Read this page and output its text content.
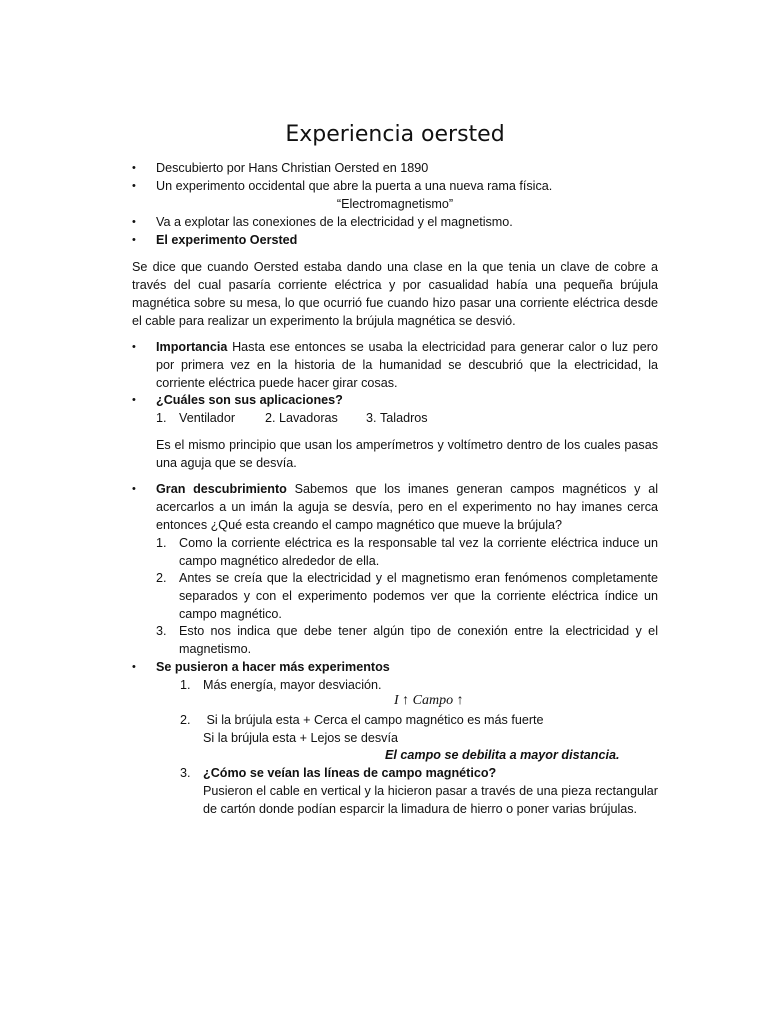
Experiencia oersted
•	Descubierto por Hans Christian Oersted en 1890
•	Un experimento occidental que abre la puerta a una nueva rama física.
“Electromagnetismo”
•	Va a explotar las conexiones de la electricidad y el magnetismo.
•	El experimento Oersted
Se dice que cuando Oersted estaba dando una clase en la que tenia un clave de cobre a través del cual pasaría corriente eléctrica y por casualidad había una pequeña brújula magnética sobre su mesa, lo que ocurrió fue cuando hizo pasar una corriente eléctrica desde el cable para realizar un experimento la brújula magnética se desvió.
•	Importancia Hasta ese entonces se usaba la electricidad para generar calor o luz pero por primera vez en la historia de la humanidad se descubrió que la electricidad, la corriente eléctrica puede hacer girar cosas.
•	¿Cuáles son sus aplicaciones?
1. Ventilador 2. Lavadoras 3. Taladros
Es el mismo principio que usan los amperímetros y voltímetro dentro de los cuales pasas una aguja que se desvía.
•	Gran descubrimiento Sabemos que los imanes generan campos magnéticos y al acercarlos a un imán la aguja se desvía, pero en el experimento no hay imanes cerca entonces ¿Qué esta creando el campo magnético que mueve la brújula?
1. Como la corriente eléctrica es la responsable tal vez la corriente eléctrica induce un campo magnético alrededor de ella.
2. Antes se creía que la electricidad y el magnetismo eran fenómenos completamente separados y con el experimento podemos ver que la corriente eléctrica índice un campo magnético.
3. Esto nos indica que debe tener algún tipo de conexión entre la electricidad y el magnetismo.
•	Se pusieron a hacer más experimentos
1. Más energía, mayor desviación.
I ↑ Campo ↑
2. Si la brújula esta + Cerca el campo magnético es más fuerte
Si la brújula esta + Lejos se desvía
El campo se debilita a mayor distancia.
3. ¿Cómo se veían las líneas de campo magnético?
Pusieron el cable en vertical y la hicieron pasar a través de una pieza rectangular de cartón donde podían esparcir la limadura de hierro o poner varias brújulas.
